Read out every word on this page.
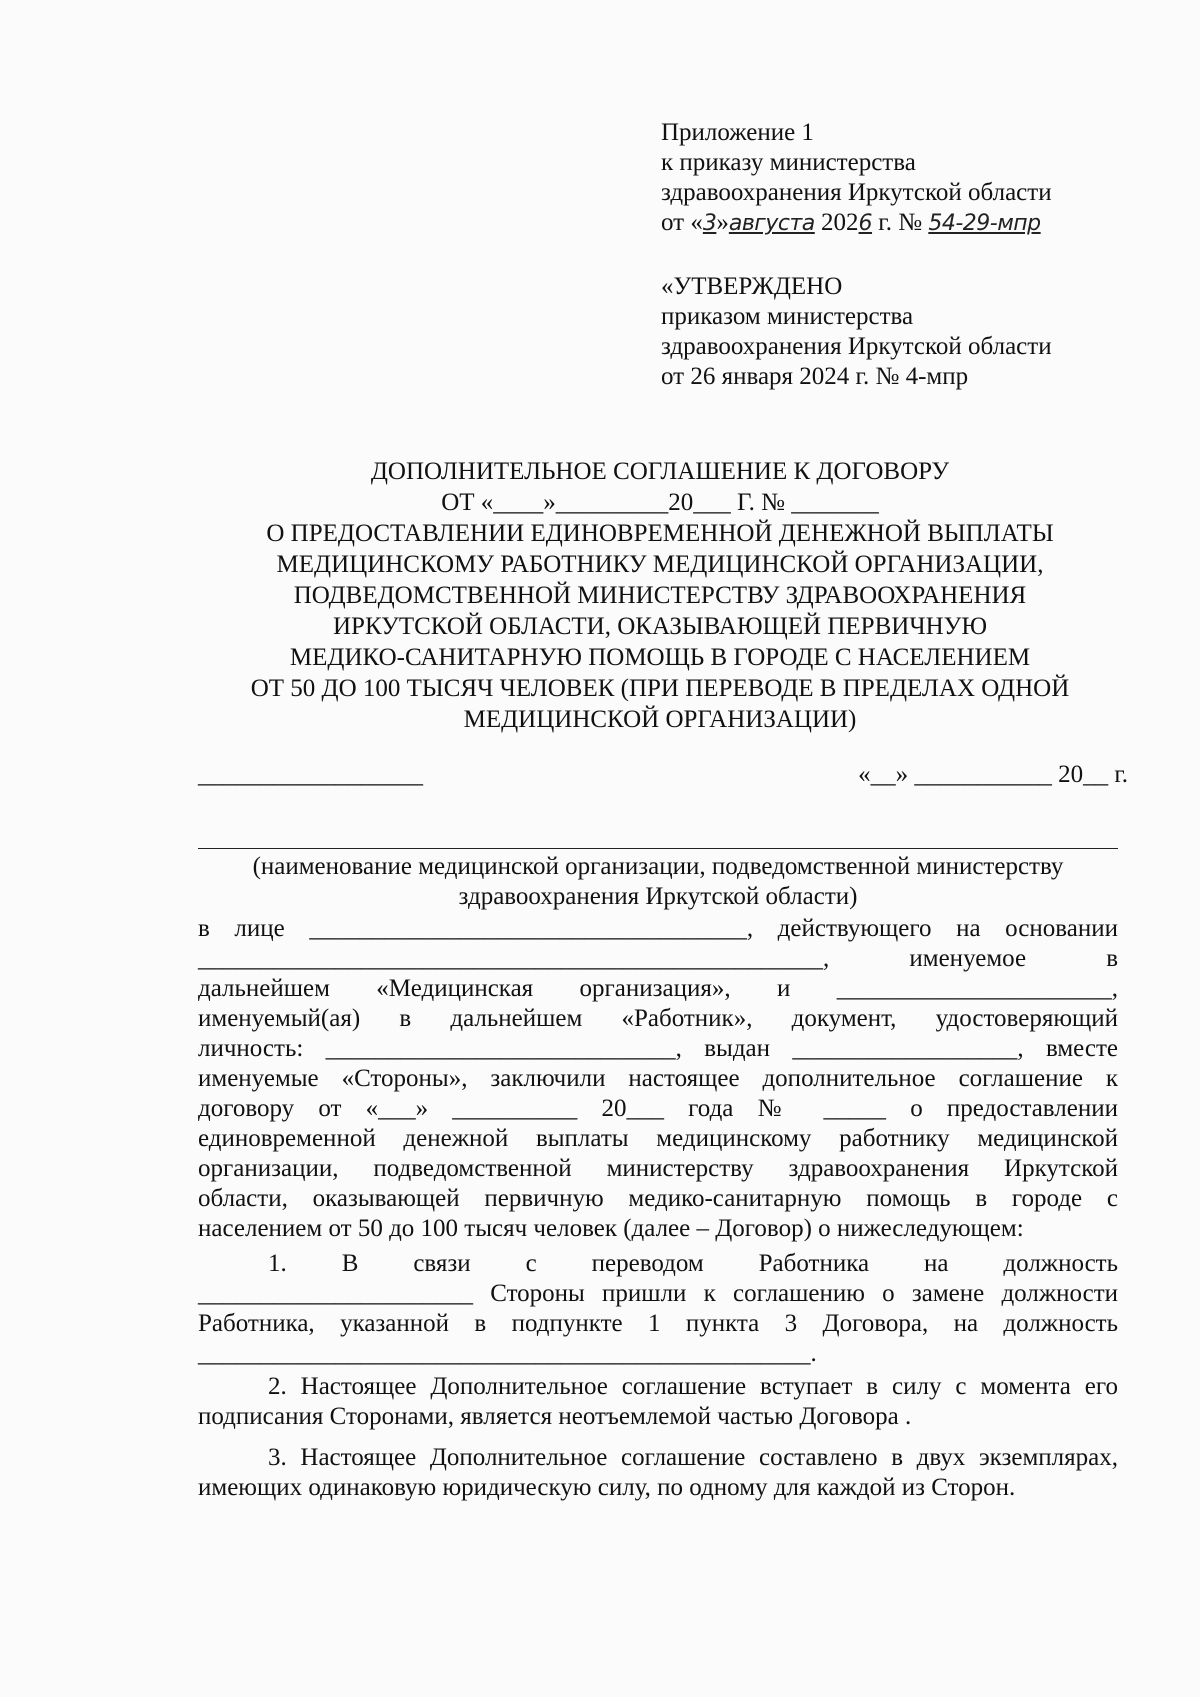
Приложение 1
к приказу министерства
здравоохранения Иркутской области
от «3»августа 2026 г. № 54-29-мпр
«УТВЕРЖДЕНО
приказом министерства
здравоохранения Иркутской области
от 26 января 2024 г. № 4-мпр
ДОПОЛНИТЕЛЬНОЕ СОГЛАШЕНИЕ К ДОГОВОРУ
ОТ «____»_________20___ Г. № _______
О ПРЕДОСТАВЛЕНИИ ЕДИНОВРЕМЕННОЙ ДЕНЕЖНОЙ ВЫПЛАТЫ
МЕДИЦИНСКОМУ РАБОТНИКУ МЕДИЦИНСКОЙ ОРГАНИЗАЦИИ,
ПОДВЕДОМСТВЕННОЙ МИНИСТЕРСТВУ ЗДРАВООХРАНЕНИЯ
ИРКУТСКОЙ ОБЛАСТИ, ОКАЗЫВАЮЩЕЙ ПЕРВИЧНУЮ
МЕДИКО-САНИТАРНУЮ ПОМОЩЬ В ГОРОДЕ С НАСЕЛЕНИЕМ
ОТ 50 ДО 100 ТЫСЯЧ ЧЕЛОВЕК (ПРИ ПЕРЕВОДЕ В ПРЕДЕЛАХ ОДНОЙ
МЕДИЦИНСКОЙ ОРГАНИЗАЦИИ)
__________________	«__» ___________ 20__ г.
(наименование медицинской организации, подведомственной министерству
здравоохранения Иркутской области)
в лице ___________________________________, действующего на основании
__________________________________________________, именуемое в
дальнейшем «Медицинская организация», и ______________________,
именуемый(ая) в дальнейшем «Работник», документ, удостоверяющий
личность: ____________________________, выдан __________________, вместе
именуемые «Стороны», заключили настоящее дополнительное соглашение к
договору от «___» __________ 20___ года № _____ о предоставлении
единовременной денежной выплаты медицинскому работнику медицинской
организации, подведомственной министерству здравоохранения Иркутской
области, оказывающей первичную медико-санитарную помощь в городе с
населением от 50 до 100 тысяч человек (далее – Договор) о нижеследующем:
1. В связи с переводом Работника на должность
______________________ Стороны пришли к соглашению о замене должности
Работника, указанной в подпункте 1 пункта 3 Договора, на должность
_________________________________________________.
2. Настоящее Дополнительное соглашение вступает в силу с момента его
подписания Сторонами, является неотъемлемой частью Договора .
3. Настоящее Дополнительное соглашение составлено в двух экземплярах,
имеющих одинаковую юридическую силу, по одному для каждой из Сторон.
